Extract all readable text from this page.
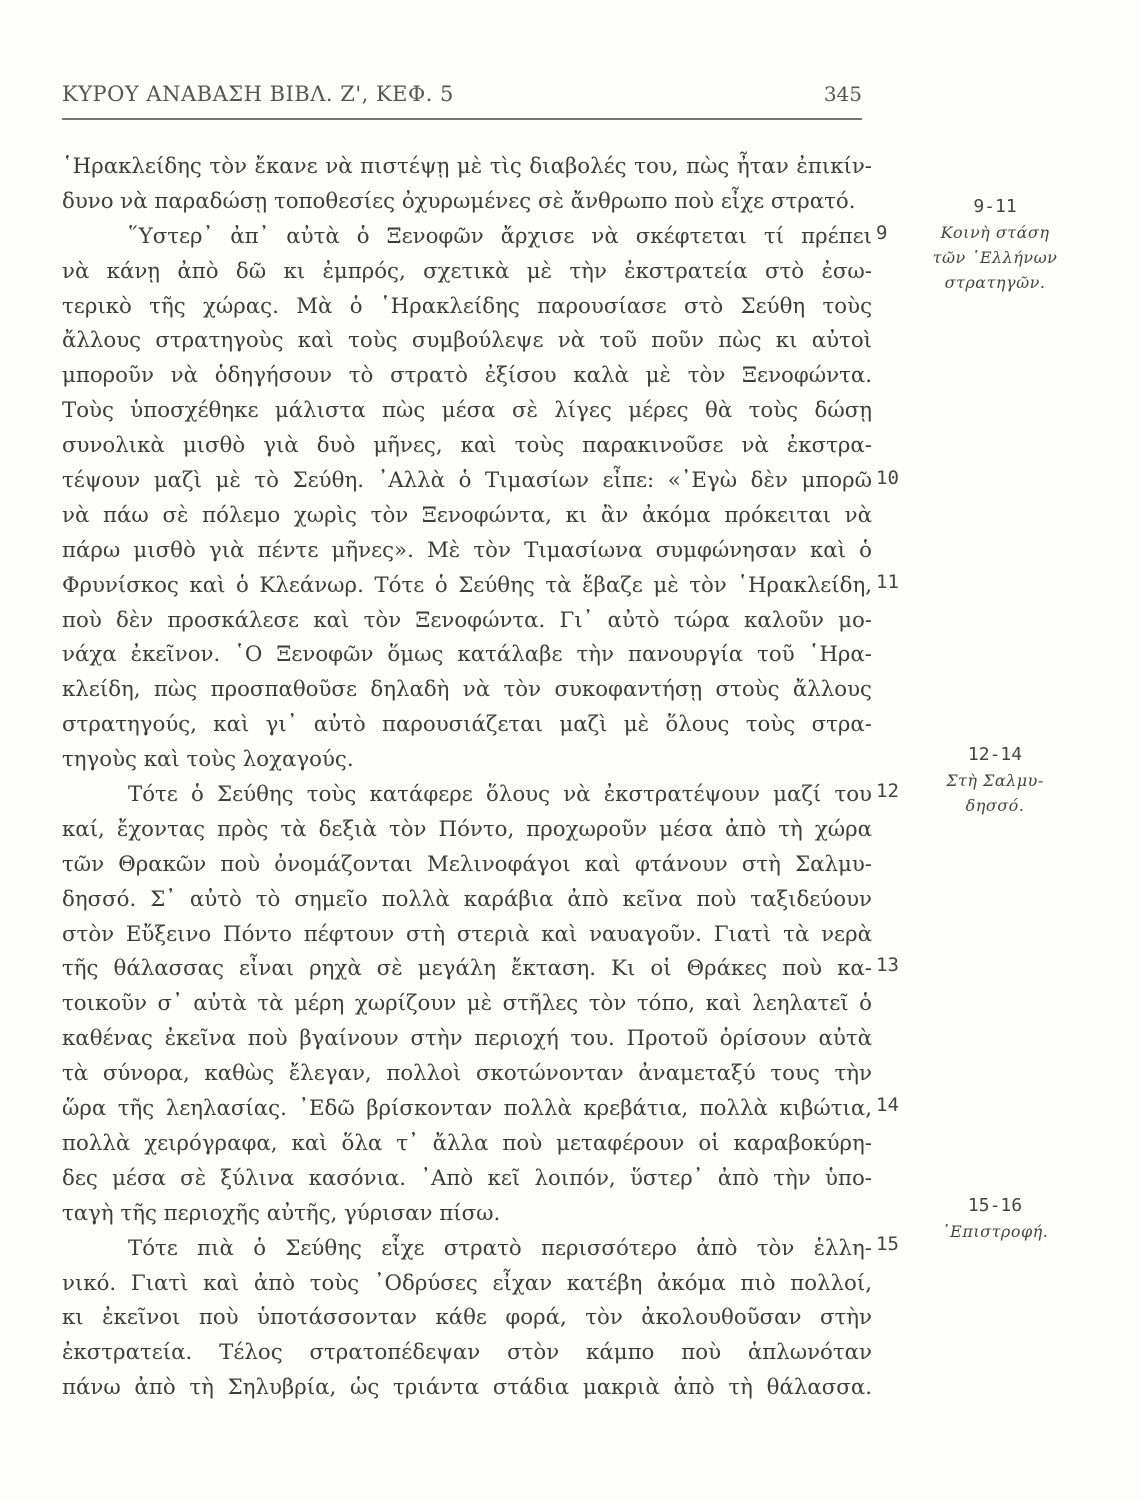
ΚΥΡΟΥ ΑΝΑΒΑΣΗ ΒΙΒΛ. Ζ', ΚΕΦ. 5	345
῾Ηρακλείδης τὸν ἔκανε νὰ πιστέψῃ μὲ τὶς διαβολές του, πὼς ἦταν ἐπικίν-
δυνο νὰ παραδώσῃ τοποθεσίες ὀχυρωμένες σὲ ἄνθρωπο ποὺ εἶχε στρατό.
῞Υστερ᾿ ἀπ᾿ αὐτὰ ὁ Ξενοφῶν ἄρχισε νὰ σκέφτεται τί πρέπει
νὰ κάνῃ ἀπὸ δῶ κι ἐμπρός, σχετικὰ μὲ τὴν ἐκστρατεία στὸ ἐσω-
τερικὸ τῆς χώρας. Μὰ ὁ ῾Ηρακλείδης παρουσίασε στὸ Σεύθη τοὺς
ἄλλους στρατηγοὺς καὶ τοὺς συμβούλεψε νὰ τοῦ ποῦν πὼς κι αὐτοὶ
μποροῦν νὰ ὁδηγήσουν τὸ στρατὸ ἐξίσου καλὰ μὲ τὸν Ξενοφώντα.
Τοὺς ὑποσχέθηκε μάλιστα πὼς μέσα σὲ λίγες μέρες θὰ τοὺς δώσῃ
συνολικὰ μισθὸ γιὰ δυὸ μῆνες, καὶ τοὺς παρακινοῦσε νὰ ἐκστρα-
τέψουν μαζὶ μὲ τὸ Σεύθη. ᾿Αλλὰ ὁ Τιμασίων εἶπε: «᾿Εγὼ δὲν μπορῶ
νὰ πάω σὲ πόλεμο χωρὶς τὸν Ξενοφώντα, κι ἂν ἀκόμα πρόκειται νὰ
πάρω μισθὸ γιὰ πέντε μῆνες». Μὲ τὸν Τιμασίωνα συμφώνησαν καὶ ὁ
Φρυνίσκος καὶ ὁ Κλεάνωρ. Τότε ὁ Σεύθης τὰ ἔβαζε μὲ τὸν ῾Ηρακλείδη,
ποὺ δὲν προσκάλεσε καὶ τὸν Ξενοφώντα. Γι᾿ αὐτὸ τώρα καλοῦν μο-
νάχα ἐκεῖνον. ῾Ο Ξενοφῶν ὅμως κατάλαβε τὴν πανουργία τοῦ ῾Ηρα-
κλείδη, πὼς προσπαθοῦσε δηλαδὴ νὰ τὸν συκοφαντήσῃ στοὺς ἄλλους
στρατηγούς, καὶ γι᾿ αὐτὸ παρουσιάζεται μαζὶ μὲ ὅλους τοὺς στρα-
τηγοὺς καὶ τοὺς λοχαγούς.
Τότε ὁ Σεύθης τοὺς κατάφερε ὅλους νὰ ἐκστρατέψουν μαζί του
καί, ἔχοντας πρὸς τὰ δεξιὰ τὸν Πόντο, προχωροῦν μέσα ἀπὸ τὴ χώρα
τῶν Θρακῶν ποὺ ὀνομάζονται Μελινοφάγοι καὶ φτάνουν στὴ Σαλμυ-
δησσό. Σ᾿ αὐτὸ τὸ σημεῖο πολλὰ καράβια ἀπὸ κεῖνα ποὺ ταξιδεύουν
στὸν Εὔξεινο Πόντο πέφτουν στὴ στεριὰ καὶ ναυαγοῦν. Γιατὶ τὰ νερὰ
τῆς θάλασσας εἶναι ρηχὰ σὲ μεγάλη ἔκταση. Κι οἱ Θράκες ποὺ κα-
τοικοῦν σ᾿ αὐτὰ τὰ μέρη χωρίζουν μὲ στῆλες τὸν τόπο, καὶ λεηλατεῖ ὁ
καθένας ἐκεῖνα ποὺ βγαίνουν στὴν περιοχή του. Προτοῦ ὁρίσουν αὐτὰ
τὰ σύνορα, καθὼς ἔλεγαν, πολλοὶ σκοτώνονταν ἀναμεταξύ τους τὴν
ὥρα τῆς λεηλασίας. ᾿Εδῶ βρίσκονταν πολλὰ κρεβάτια, πολλὰ κιβώτια,
πολλὰ χειρόγραφα, καὶ ὅλα τ᾿ ἄλλα ποὺ μεταφέρουν οἱ καραβοκύρη-
δες μέσα σὲ ξύλινα κασόνια. ᾿Απὸ κεῖ λοιπόν, ὕστερ᾿ ἀπὸ τὴν ὑπο-
ταγὴ τῆς περιοχῆς αὐτῆς, γύρισαν πίσω.
Τότε πιὰ ὁ Σεύθης εἶχε στρατὸ περισσότερο ἀπὸ τὸν ἑλλη-
νικό. Γιατὶ καὶ ἀπὸ τοὺς ᾿Οδρύσες εἶχαν κατέβη ἀκόμα πιὸ πολλοί,
κι ἐκεῖνοι ποὺ ὑποτάσσονταν κάθε φορά, τὸν ἀκολουθοῦσαν στὴν
ἐκστρατεία. Τέλος στρατοπέδεψαν στὸν κάμπο ποὺ ἁπλωνόταν
πάνω ἀπὸ τὴ Σηλυβρία, ὡς τριάντα στάδια μακριὰ ἀπὸ τὴ θάλασσα.
9
10
11
12
13
14
15
9-11
Κοινὴ στάση
τῶν ῾Ελλήνων
στρατηγῶν.
12-14
Στὴ Σαλμυ-
δησσό.
15-16
᾿Επιστροφή.
